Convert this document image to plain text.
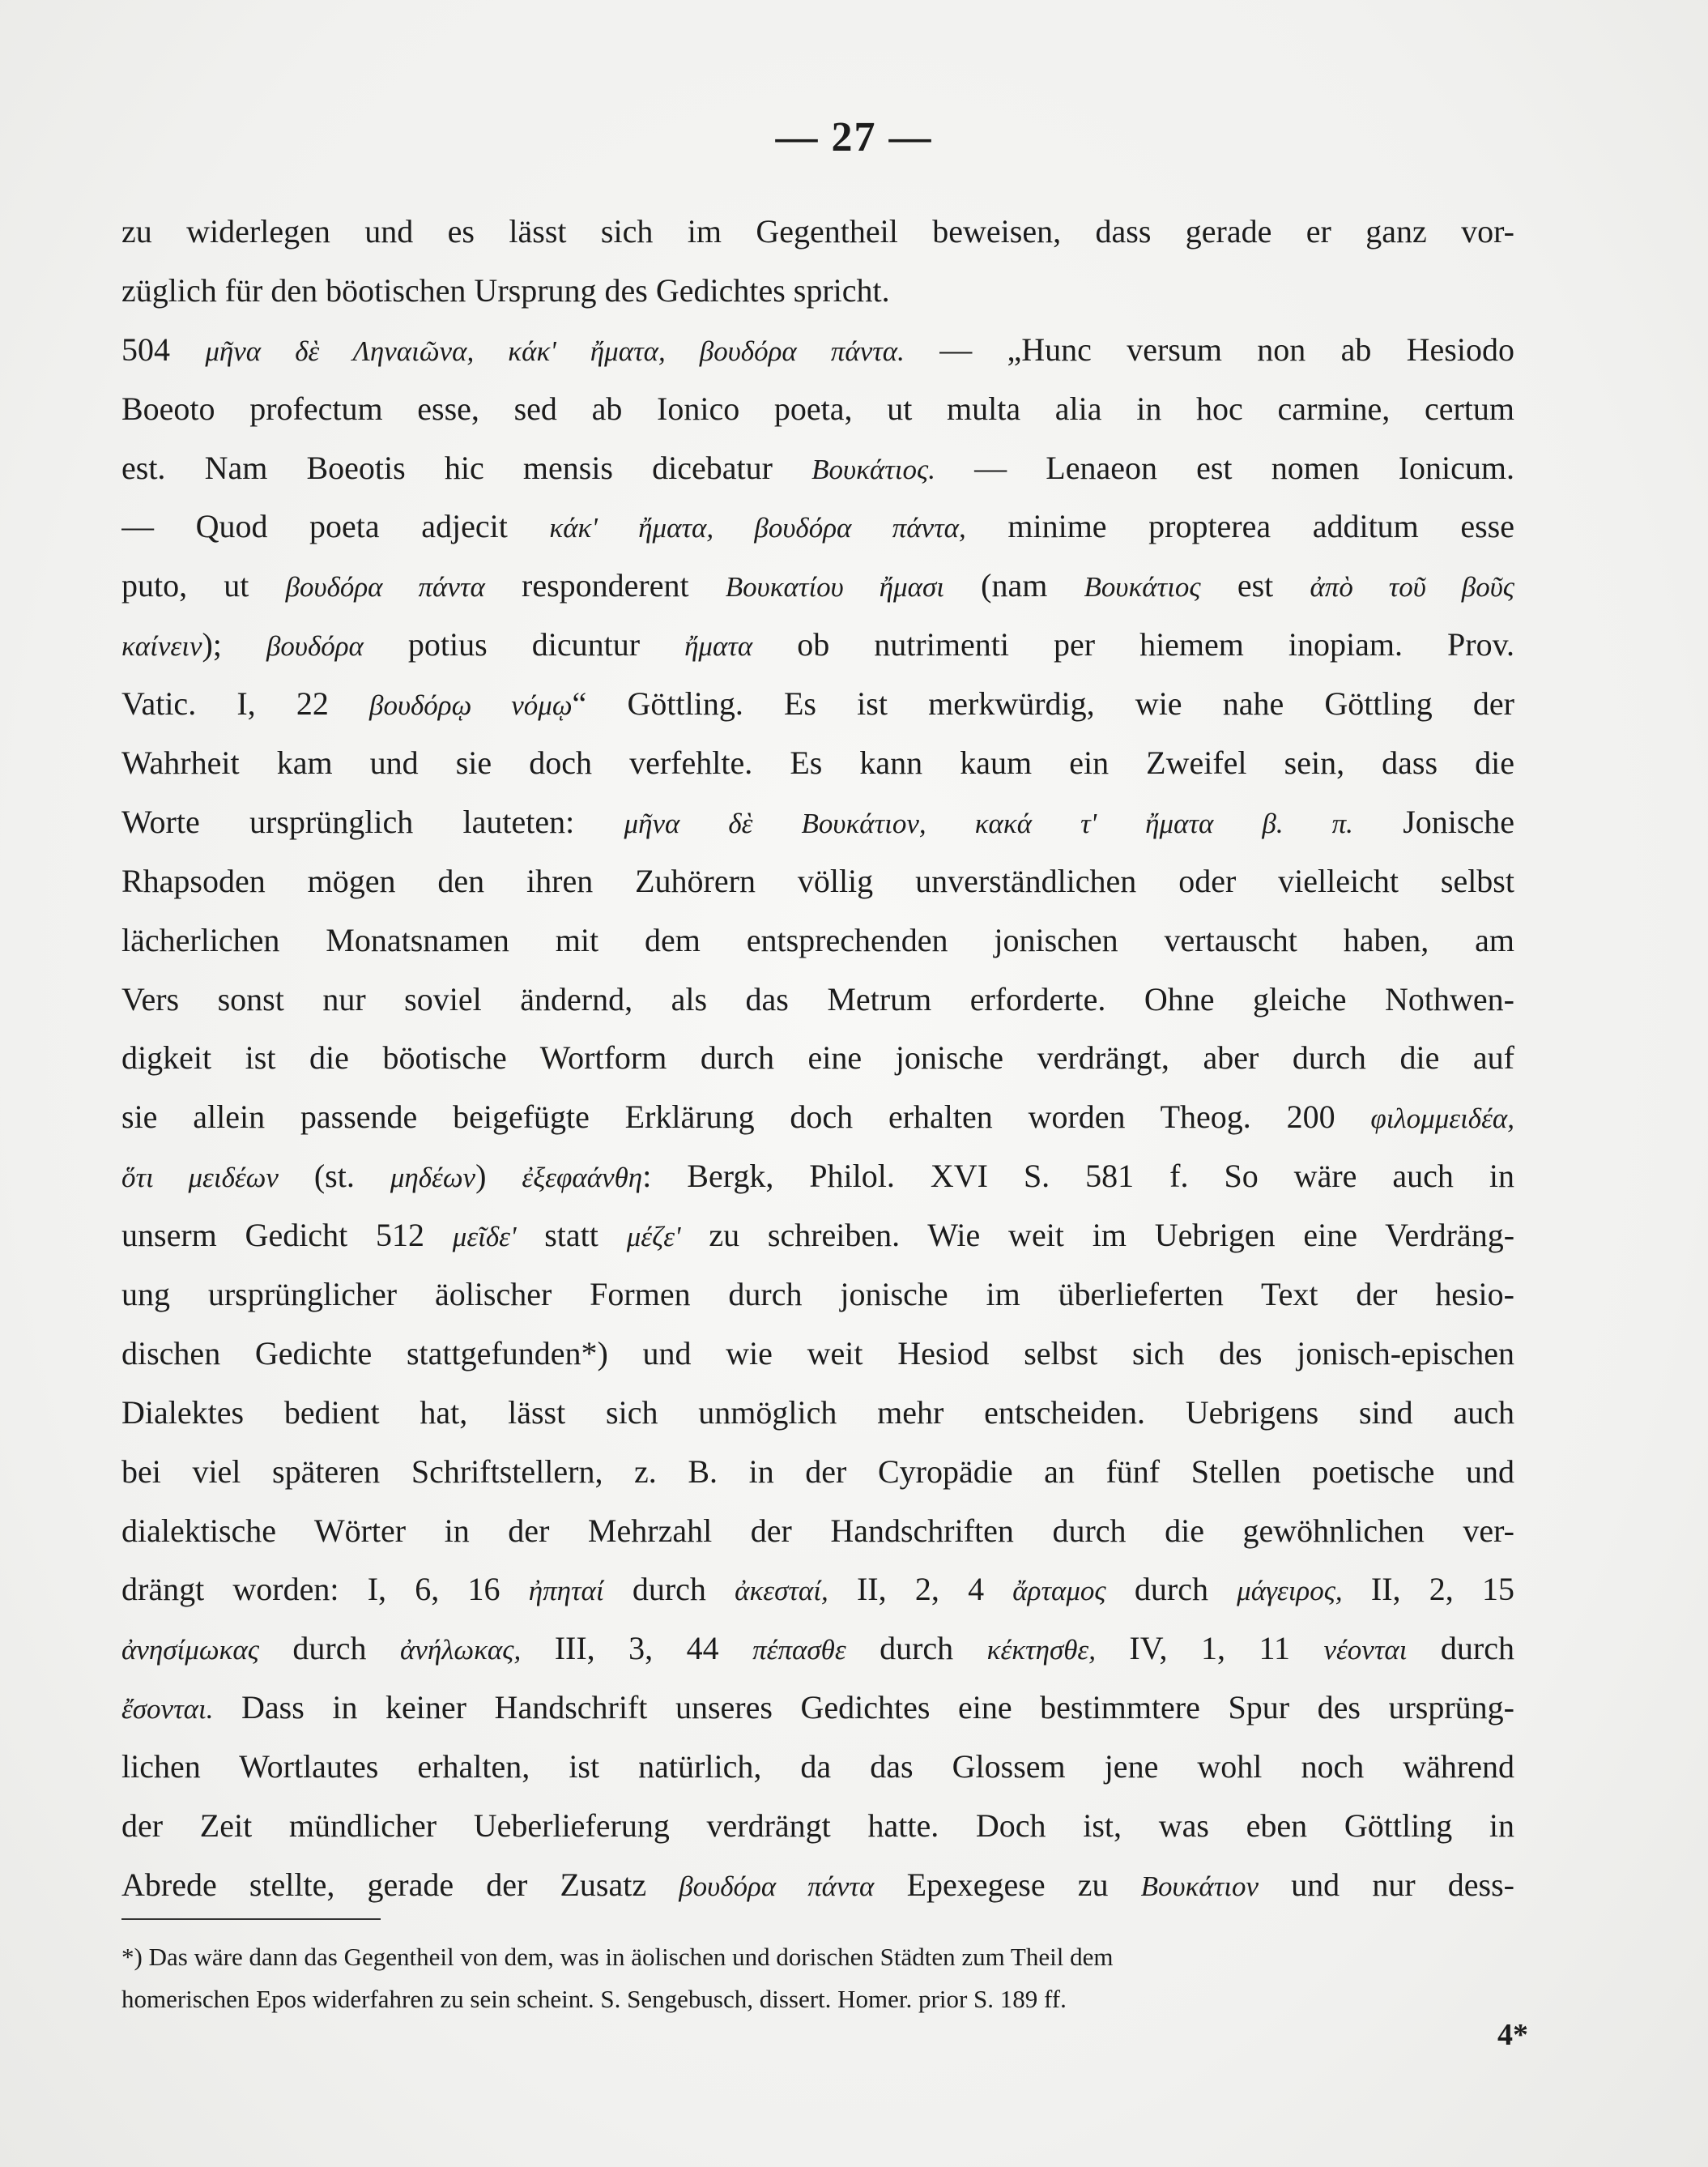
— 27 —
zu widerlegen und es lässt sich im Gegentheil beweisen, dass gerade er ganz vor-
züglich für den böotischen Ursprung des Gedichtes spricht.
504 μῆνα δὲ Ληναιῶνα, κάκ' ἤματα, βουδόρα πάντα. — „Hunc versum non ab Hesiodo
Boeoto profectum esse, sed ab Ionico poeta, ut multa alia in hoc carmine, certum
est. Nam Boeotis hic mensis dicebatur Βουκάτιος. — Lenaeon est nomen Ionicum.
— Quod poeta adjecit κάκ' ἤματα, βουδόρα πάντα, minime propterea additum esse
puto, ut βουδόρα πάντα responderent Βουκατίου ἤμασι (nam Βουκάτιος est ἀπὸ τοῦ βοῦς
καίνειν); βουδόρα potius dicuntur ἤματα ob nutrimenti per hiemem inopiam. Prov.
Vatic. I, 22 βουδόρῳ νόμῳ“ Göttling. Es ist merkwürdig, wie nahe Göttling der
Wahrheit kam und sie doch verfehlte. Es kann kaum ein Zweifel sein, dass die
Worte ursprünglich lauteten: μῆνα δὲ Βουκάτιον, κακά τ' ἤματα β. π. Jonische
Rhapsoden mögen den ihren Zuhörern völlig unverständlichen oder vielleicht selbst
lächerlichen Monatsnamen mit dem entsprechenden jonischen vertauscht haben, am
Vers sonst nur soviel ändernd, als das Metrum erforderte. Ohne gleiche Nothwen-
digkeit ist die böotische Wortform durch eine jonische verdrängt, aber durch die auf
sie allein passende beigefügte Erklärung doch erhalten worden Theog. 200 φιλομμειδέα,
ὅτι μειδέων (st. μηδέων) ἐξεφαάνθη: Bergk, Philol. XVI S. 581 f. So wäre auch in
unserm Gedicht 512 μεῖδε' statt μέζε' zu schreiben. Wie weit im Uebrigen eine Verdräng-
ung ursprünglicher äolischer Formen durch jonische im überlieferten Text der hesio-
dischen Gedichte stattgefunden*) und wie weit Hesiod selbst sich des jonisch-epischen
Dialektes bedient hat, lässt sich unmöglich mehr entscheiden. Uebrigens sind auch
bei viel späteren Schriftstellern, z. B. in der Cyropädie an fünf Stellen poetische und
dialektische Wörter in der Mehrzahl der Handschriften durch die gewöhnlichen ver-
drängt worden: I, 6, 16 ἠπηταί durch ἀκεσταί, II, 2, 4 ἄρταμος durch μάγειρος, II, 2, 15
ἀνησίμωκας durch ἀνήλωκας, III, 3, 44 πέπασθε durch κέκτησθε, IV, 1, 11 νέονται durch
ἔσονται. Dass in keiner Handschrift unseres Gedichtes eine bestimmtere Spur des ursprüng-
lichen Wortlautes erhalten, ist natürlich, da das Glossem jene wohl noch während
der Zeit mündlicher Ueberlieferung verdrängt hatte. Doch ist, was eben Göttling in
Abrede stellte, gerade der Zusatz βουδόρα πάντα Epexegese zu Βουκάτιον und nur dess-
*) Das wäre dann das Gegentheil von dem, was in äolischen und dorischen Städten zum Theil dem
homerischen Epos widerfahren zu sein scheint. S. Sengebusch, dissert. Homer. prior S. 189 ff.
4*
